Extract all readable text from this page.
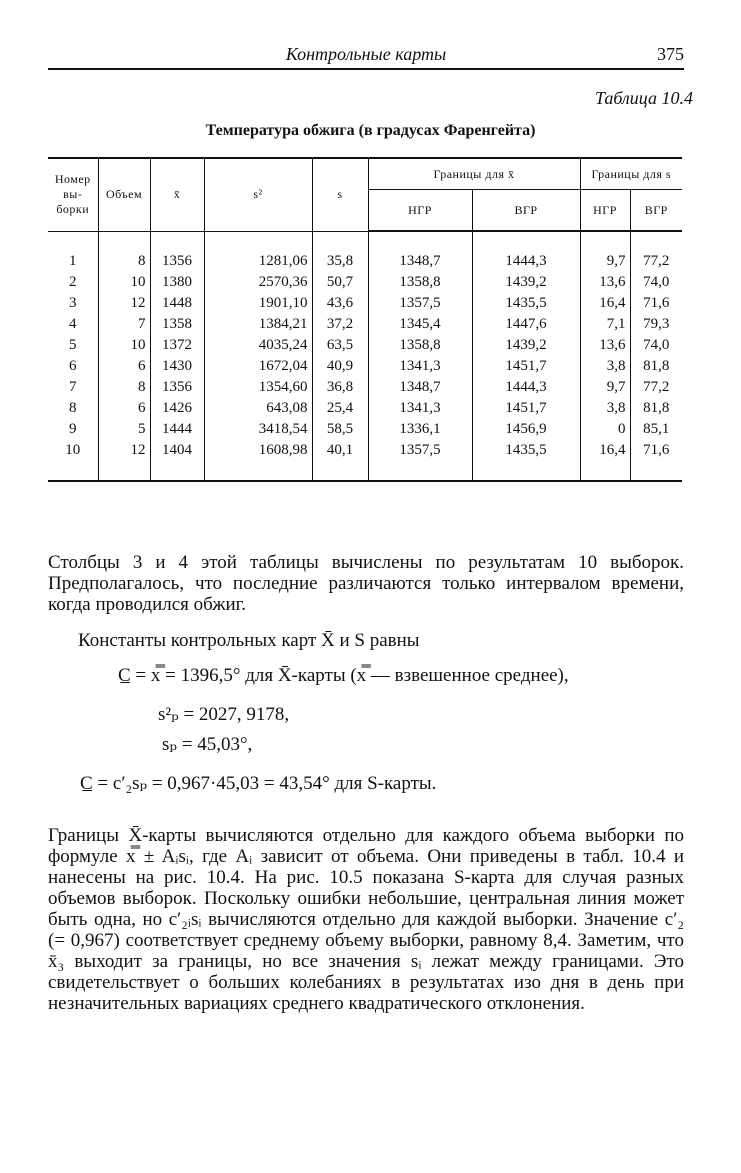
Контрольные карты	375
Таблица 10.4
Температура обжига (в градусах Фаренгейта)
Номер вы-борки	Объем	x̄	s²	s	Границы для x̄		Границы для s	
					НГР	ВГР	НГР	ВГР
1	8	1356	1281,06	35,8	1348,7	1444,3	9,7	77,2
2	10	1380	2570,36	50,7	1358,8	1439,2	13,6	74,0
3	12	1448	1901,10	43,6	1357,5	1435,5	16,4	71,6
4	7	1358	1384,21	37,2	1345,4	1447,6	7,1	79,3
5	10	1372	4035,24	63,5	1358,8	1439,2	13,6	74,0
6	6	1430	1672,04	40,9	1341,3	1451,7	3,8	81,8
7	8	1356	1354,60	36,8	1348,7	1444,3	9,7	77,2
8	6	1426	643,08	25,4	1341,3	1451,7	3,8	81,8
9	5	1444	3418,54	58,5	1336,1	1456,9	0	85,1
10	12	1404	1608,98	40,1	1357,5	1435,5	16,4	71,6
Столбцы 3 и 4 этой таблицы вычислены по результатам 10 выборок. Предполагалось, что последние различаются только интервалом времени, когда проводился обжиг.
Константы контрольных карт X̄ и S равны
C̲ = x̿ = 1396,5° для X̄-карты (x̿ — взвешенное среднее),
s²ₚ = 2027, 9178,
sₚ = 45,03°,
C̲ = c′₂sₚ = 0,967·45,03 = 43,54° для S-карты.
Границы X̄-карты вычисляются отдельно для каждого объема выборки по формуле x̿ ± Aᵢsᵢ, где Aᵢ зависит от объема. Они приведены в табл. 10.4 и нанесены на рис. 10.4. На рис. 10.5 показана S-карта для случая разных объемов выборок. Поскольку ошибки небольшие, центральная линия может быть одна, но c′₂ᵢsᵢ вычисляются отдельно для каждой выборки. Значение c′₂ (= 0,967) соответствует среднему объему выборки, равному 8,4. Заметим, что x̄₃ выходит за границы, но все значения sᵢ лежат между границами. Это свидетельствует о больших колебаниях в результатах изо дня в день при незначительных вариациях среднего квадратического отклонения.
